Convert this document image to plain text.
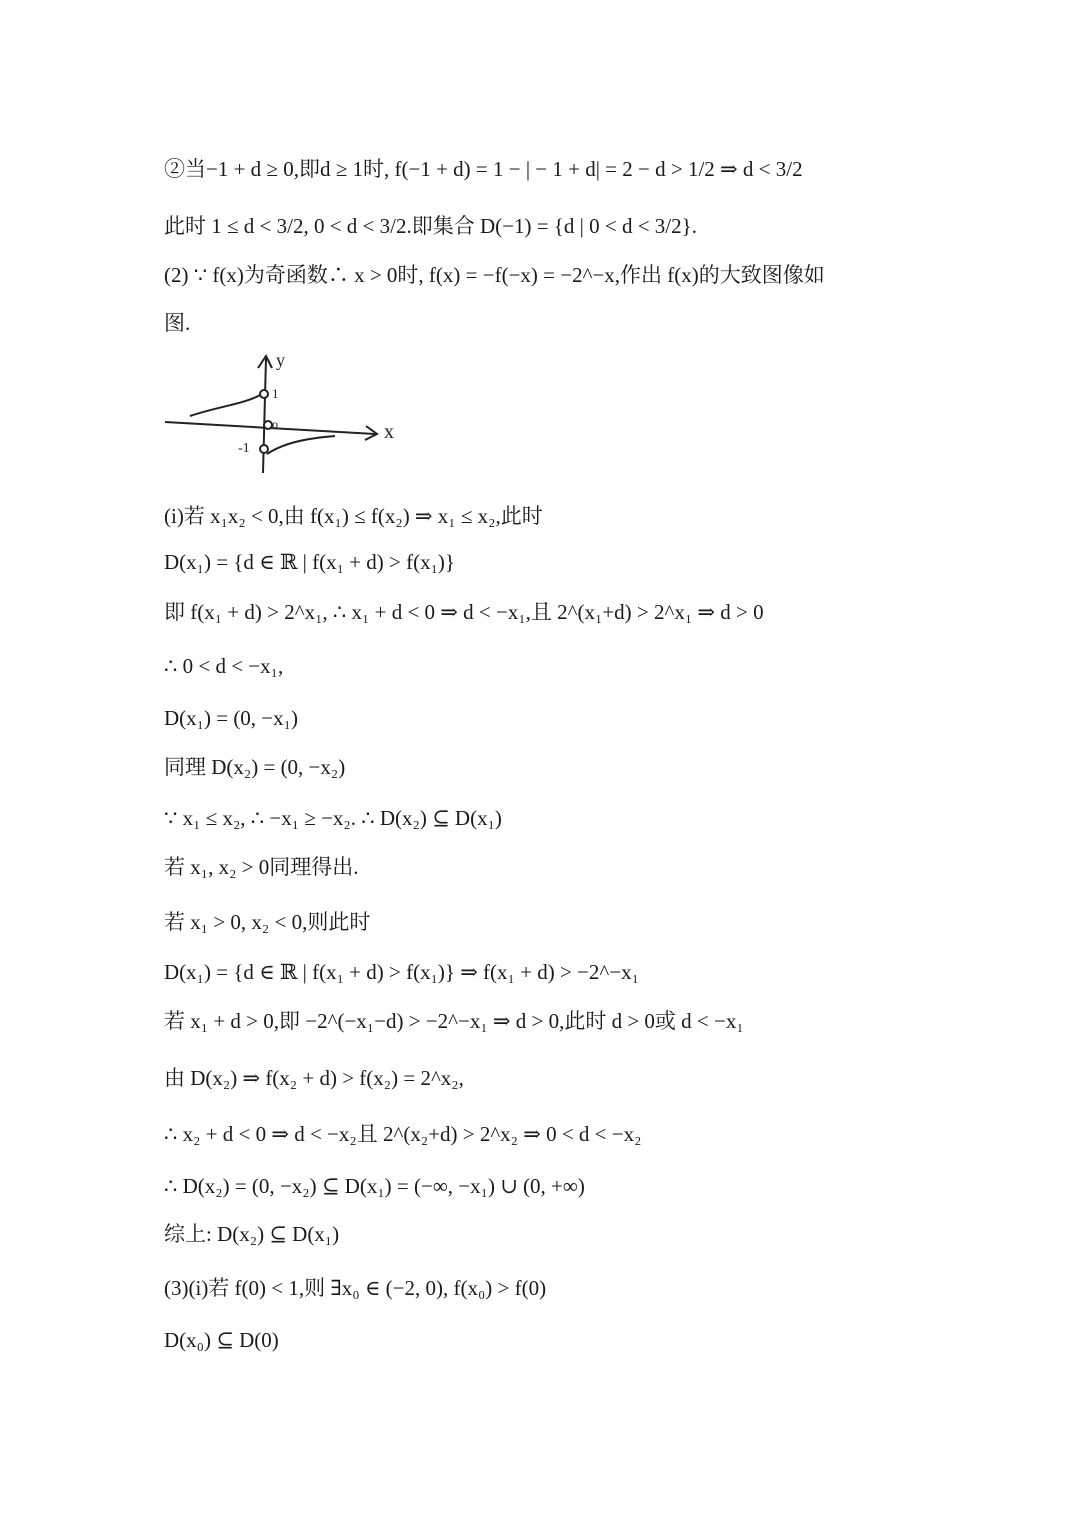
②当−1 + d ≥ 0,即d ≥ 1时, f(−1 + d) = 1 − | − 1 + d| = 2 − d > 1/2 ⇒ d < 3/2
此时 1 ≤ d < 3/2, 0 < d < 3/2.即集合 D(−1) = {d | 0 < d < 3/2}.
(2) ∵ f(x)为奇函数∴ x > 0时, f(x) = −f(−x) = −2^−x,作出 f(x)的大致图像如
图.
y
x
1
o
-1
(i)若 x₁x₂ < 0,由 f(x₁) ≤ f(x₂) ⇒ x₁ ≤ x₂,此时
D(x₁) = {d ∈ ℝ | f(x₁ + d) > f(x₁)}
即 f(x₁ + d) > 2^x₁, ∴ x₁ + d < 0 ⇒ d < −x₁,且 2^(x₁+d) > 2^x₁ ⇒ d > 0
∴ 0 < d < −x₁,
D(x₁) = (0, −x₁)
同理 D(x₂) = (0, −x₂)
∵ x₁ ≤ x₂, ∴ −x₁ ≥ −x₂. ∴ D(x₂) ⊆ D(x₁)
若 x₁, x₂ > 0同理得出.
若 x₁ > 0, x₂ < 0,则此时
D(x₁) = {d ∈ ℝ | f(x₁ + d) > f(x₁)} ⇒ f(x₁ + d) > −2^−x₁
若 x₁ + d > 0,即 −2^(−x₁−d) > −2^−x₁ ⇒ d > 0,此时 d > 0或 d < −x₁
由 D(x₂) ⇒ f(x₂ + d) > f(x₂) = 2^x₂,
∴ x₂ + d < 0 ⇒ d < −x₂且 2^(x₂+d) > 2^x₂ ⇒ 0 < d < −x₂
∴ D(x₂) = (0, −x₂) ⊆ D(x₁) = (−∞, −x₁) ∪ (0, +∞)
综上: D(x₂) ⊆ D(x₁)
(3)(i)若 f(0) < 1,则 ∃x₀ ∈ (−2, 0), f(x₀) > f(0)
D(x₀) ⊆ D(0)
